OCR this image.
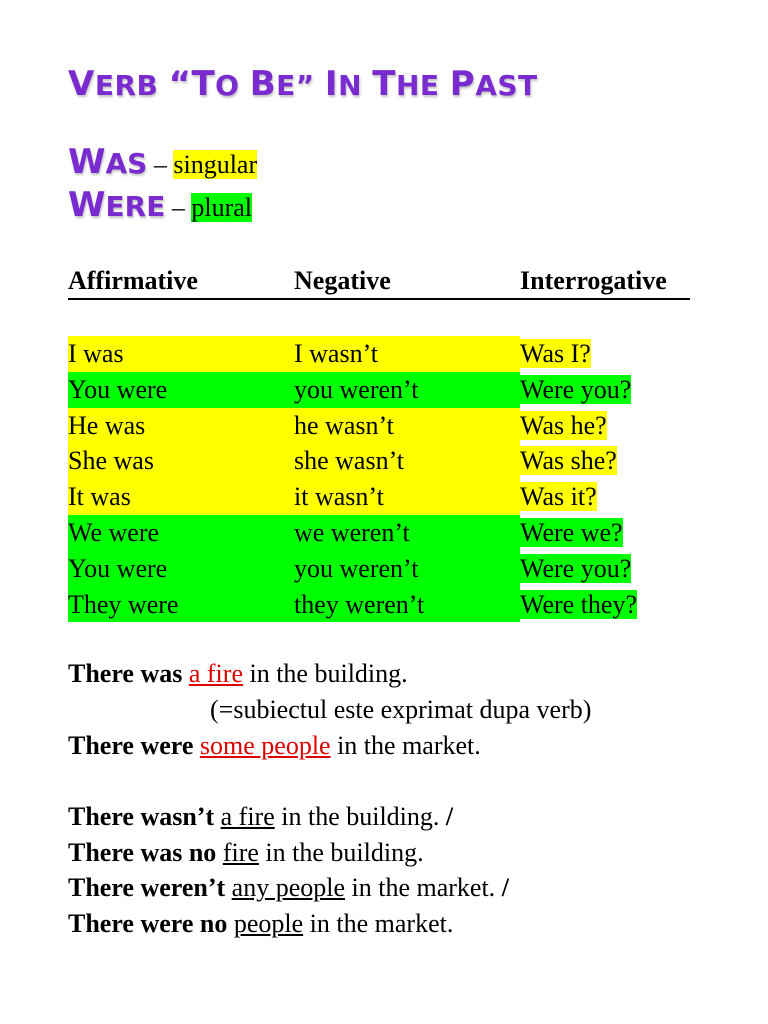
VERB “TO BE” IN THE PAST
WAS – singular
WERE – plural
Affirmative	Negative	Interrogative
I was	I wasn’t	Was I?
You were	you weren’t	Were you?
He was	he wasn’t	Was he?
She was	she wasn’t	Was she?
It was	it wasn’t	Was it?
We were	we weren’t	Were we?
You were	you weren’t	Were you?
They were	they weren’t	Were they?
There was a fire in the building.
(=subiectul este exprimat dupa verb)
There were some people in the market.
There wasn’t a fire in the building. /
There was no fire in the building.
There weren’t any people in the market. /
There were no people in the market.
